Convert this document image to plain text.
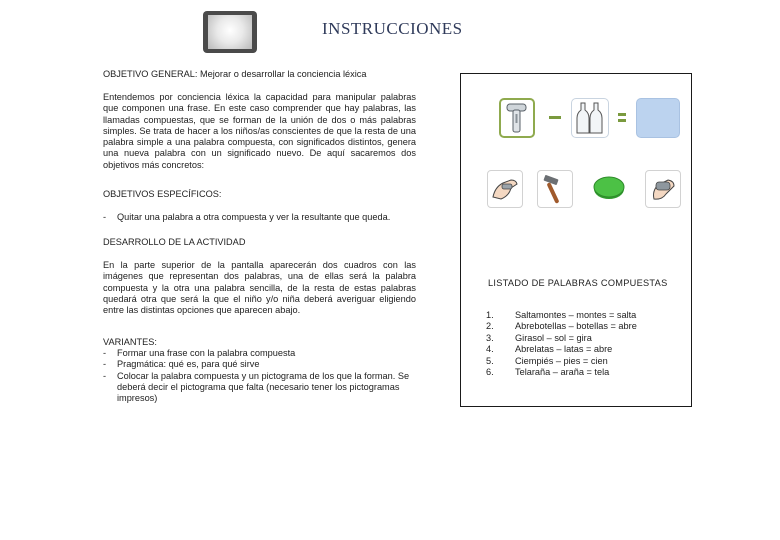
INSTRUCCIONES
OBJETIVO GENERAL: Mejorar o desarrollar la conciencia léxica
Entendemos por conciencia léxica la capacidad para manipular palabras que componen una frase. En este caso comprender que hay palabras, las llamadas compuestas, que se forman de la unión de dos o más palabras simples. Se trata de hacer a los niños/as conscientes de que la resta de una palabra simple a una palabra compuesta, con significados distintos, genera una nueva palabra con un significado nuevo. De aquí sacaremos dos objetivos más concretos:
OBJETIVOS ESPECÍFICOS:
-	Quitar una palabra a otra compuesta y ver la resultante que queda.
DESARROLLO DE LA ACTIVIDAD
En la parte superior de la pantalla aparecerán dos cuadros con las imágenes que representan dos palabras, una de ellas será la palabra compuesta y la otra una palabra sencilla, de la resta de estas palabras quedará otra que será la que el niño y/o niña deberá averiguar eligiendo entre las distintas opciones que aparecen abajo.
VARIANTES:
-	Formar una frase con la palabra compuesta
-	Pragmática: qué es, para qué sirve
-	Colocar la palabra compuesta y un pictograma de los que la forman. Se deberá decir el pictograma que falta (necesario tener los pictogramas impresos)
LISTADO DE PALABRAS COMPUESTAS
1.	Saltamontes – montes = salta
2.	Abrebotellas – botellas = abre
3.	Girasol – sol = gira
4.	Abrelatas – latas = abre
5.	Ciempiés – pies = cien
6.	Telaraña – araña = tela
